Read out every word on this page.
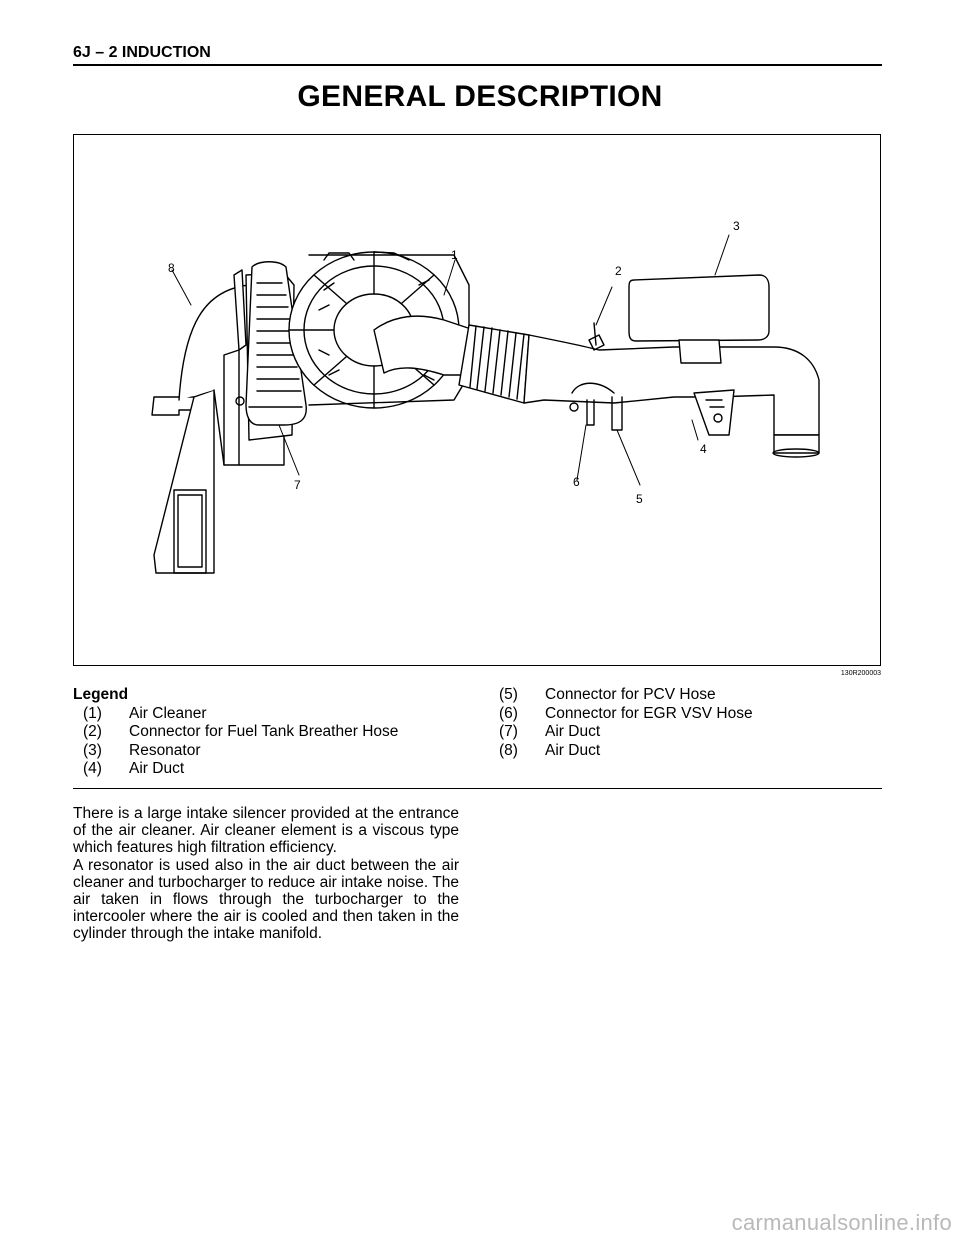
6J – 2 INDUCTION
GENERAL DESCRIPTION
1
2
3
4
5
6
7
8
130R200003
Legend
(1) Air Cleaner
(2) Connector for Fuel Tank Breather Hose
(3) Resonator
(4) Air Duct
(5) Connector for PCV Hose
(6) Connector for EGR VSV Hose
(7) Air Duct
(8) Air Duct

There is a large intake silencer provided at the entrance of the air cleaner. Air cleaner element is a viscous type which features high filtration efficiency.

A resonator is used also in the air duct between the air cleaner and turbocharger to reduce air intake noise. The air taken in flows through the turbocharger to the intercooler where the air is cooled and then taken in the cylinder through the intake manifold.

carmanualsonline.info
